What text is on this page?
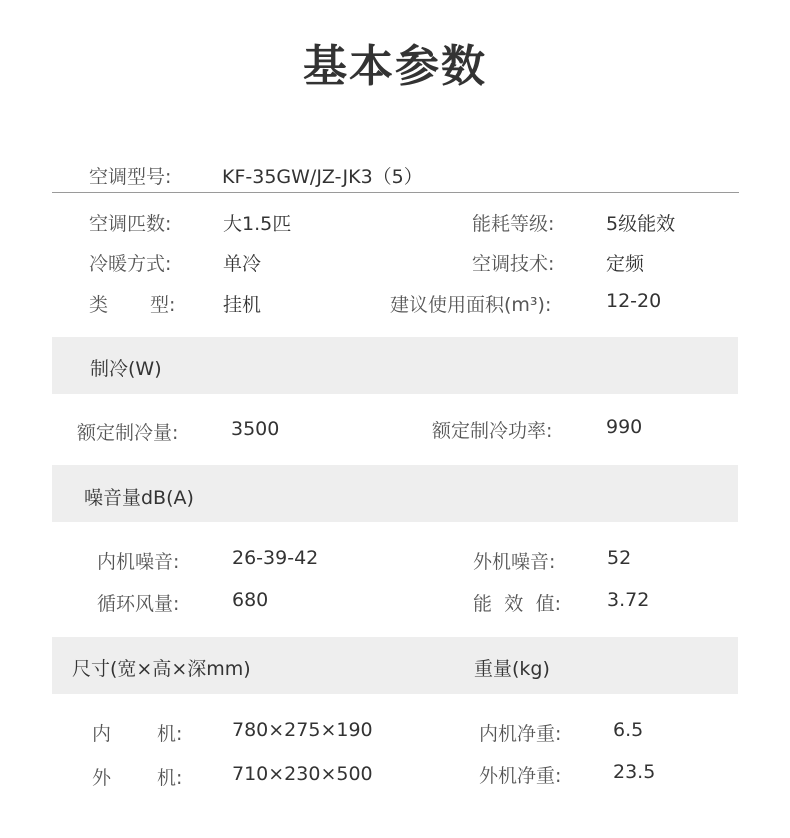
基本参数
空调型号:	KF-35GW/JZ-JK3（5）
空调匹数:	大1.5匹	能耗等级:	5级能效
冷暖方式:	单冷	空调技术:	定频
类 型:	挂机	建议使用面积(m³):	12-20
制冷(W)
额定制冷量:	3500	额定制冷功率:	990
噪音量dB(A)
内机噪音:	26-39-42	外机噪音:	52
循环风量:	680	能 效 值: 3.72
尺寸(宽×高×深mm)	重量(kg)
内 机:	780×275×190	内机净重:	6.5
外 机:	710×230×500	外机净重:	23.5
